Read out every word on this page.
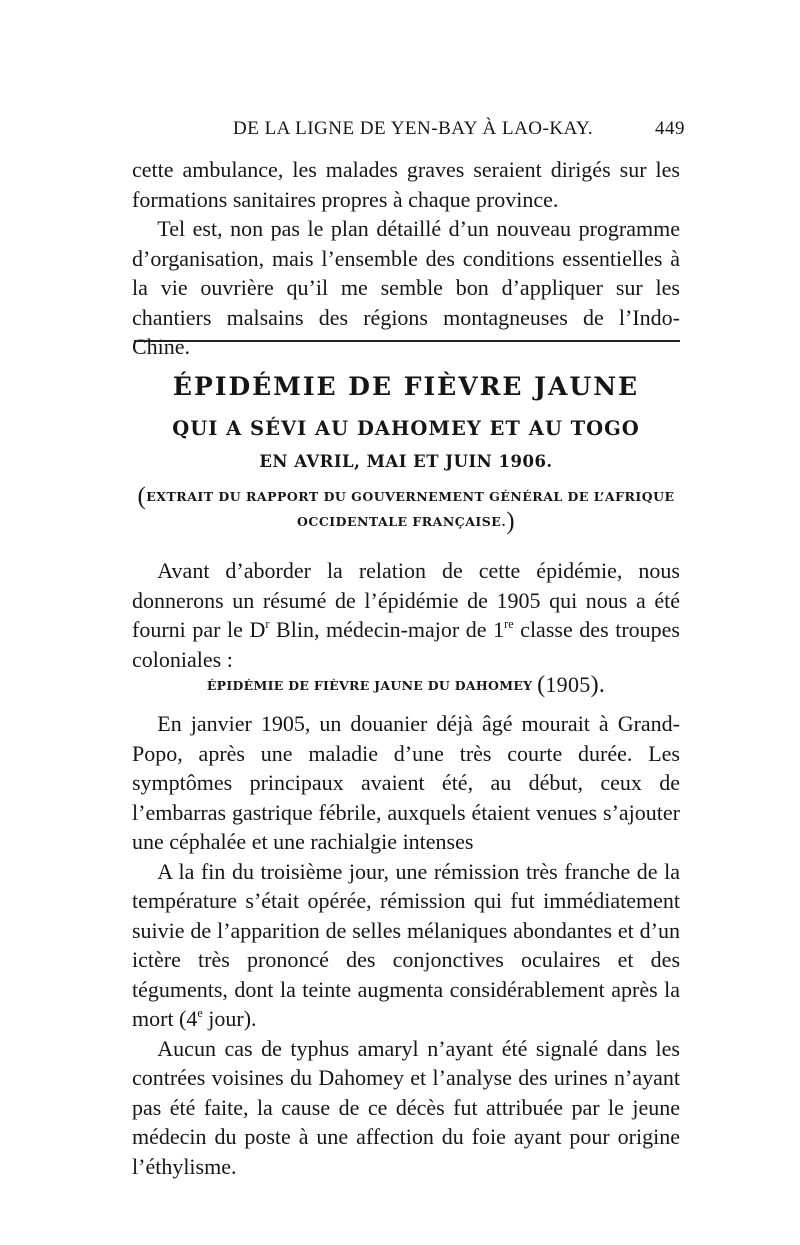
DE LA LIGNE DE YEN-BAY À LAO-KAY.	449

cette ambulance, les malades graves seraient dirigés sur les formations sanitaires propres à chaque province.

Tel est, non pas le plan détaillé d’un nouveau programme d’organisation, mais l’ensemble des conditions essentielles à la vie ouvrière qu’il me semble bon d’appliquer sur les chantiers malsains des régions montagneuses de l’Indo-Chine.

ÉPIDÉMIE DE FIÈVRE JAUNE
QUI A SÉVI AU DAHOMEY ET AU TOGO
EN AVRIL, MAI ET JUIN 1906.
(EXTRAIT DU RAPPORT DU GOUVERNEMENT GÉNÉRAL DE L’AFRIQUE
OCCIDENTALE FRANÇAISE.)

Avant d’aborder la relation de cette épidémie, nous donnerons un résumé de l’épidémie de 1905 qui nous a été fourni par le $D^r$ Blin, médecin-major de 1re classe des troupes coloniales :

ÉPIDÉMIE DE FIÈVRE JAUNE DU DAHOMEY (1905).

En janvier 1905, un douanier déjà âgé mourait à Grand-Popo, après une maladie d’une très courte durée. Les symptômes principaux avaient été, au début, ceux de l’embarras gastrique fébrile, auxquels étaient venues s’ajouter une céphalée et une rachialgie intenses

A la fin du troisième jour, une rémission très franche de la température s’était opérée, rémission qui fut immédiatement suivie de l’apparition de selles mélaniques abondantes et d’un ictère très prononcé des conjonctives oculaires et des téguments, dont la teinte augmenta considérablement après la mort (4e jour).

Aucun cas de typhus amaryl n’ayant été signalé dans les contrées voisines du Dahomey et l’analyse des urines n’ayant pas été faite, la cause de ce décès fut attribuée par le jeune médecin du poste à une affection du foie ayant pour origine l’éthylisme.
